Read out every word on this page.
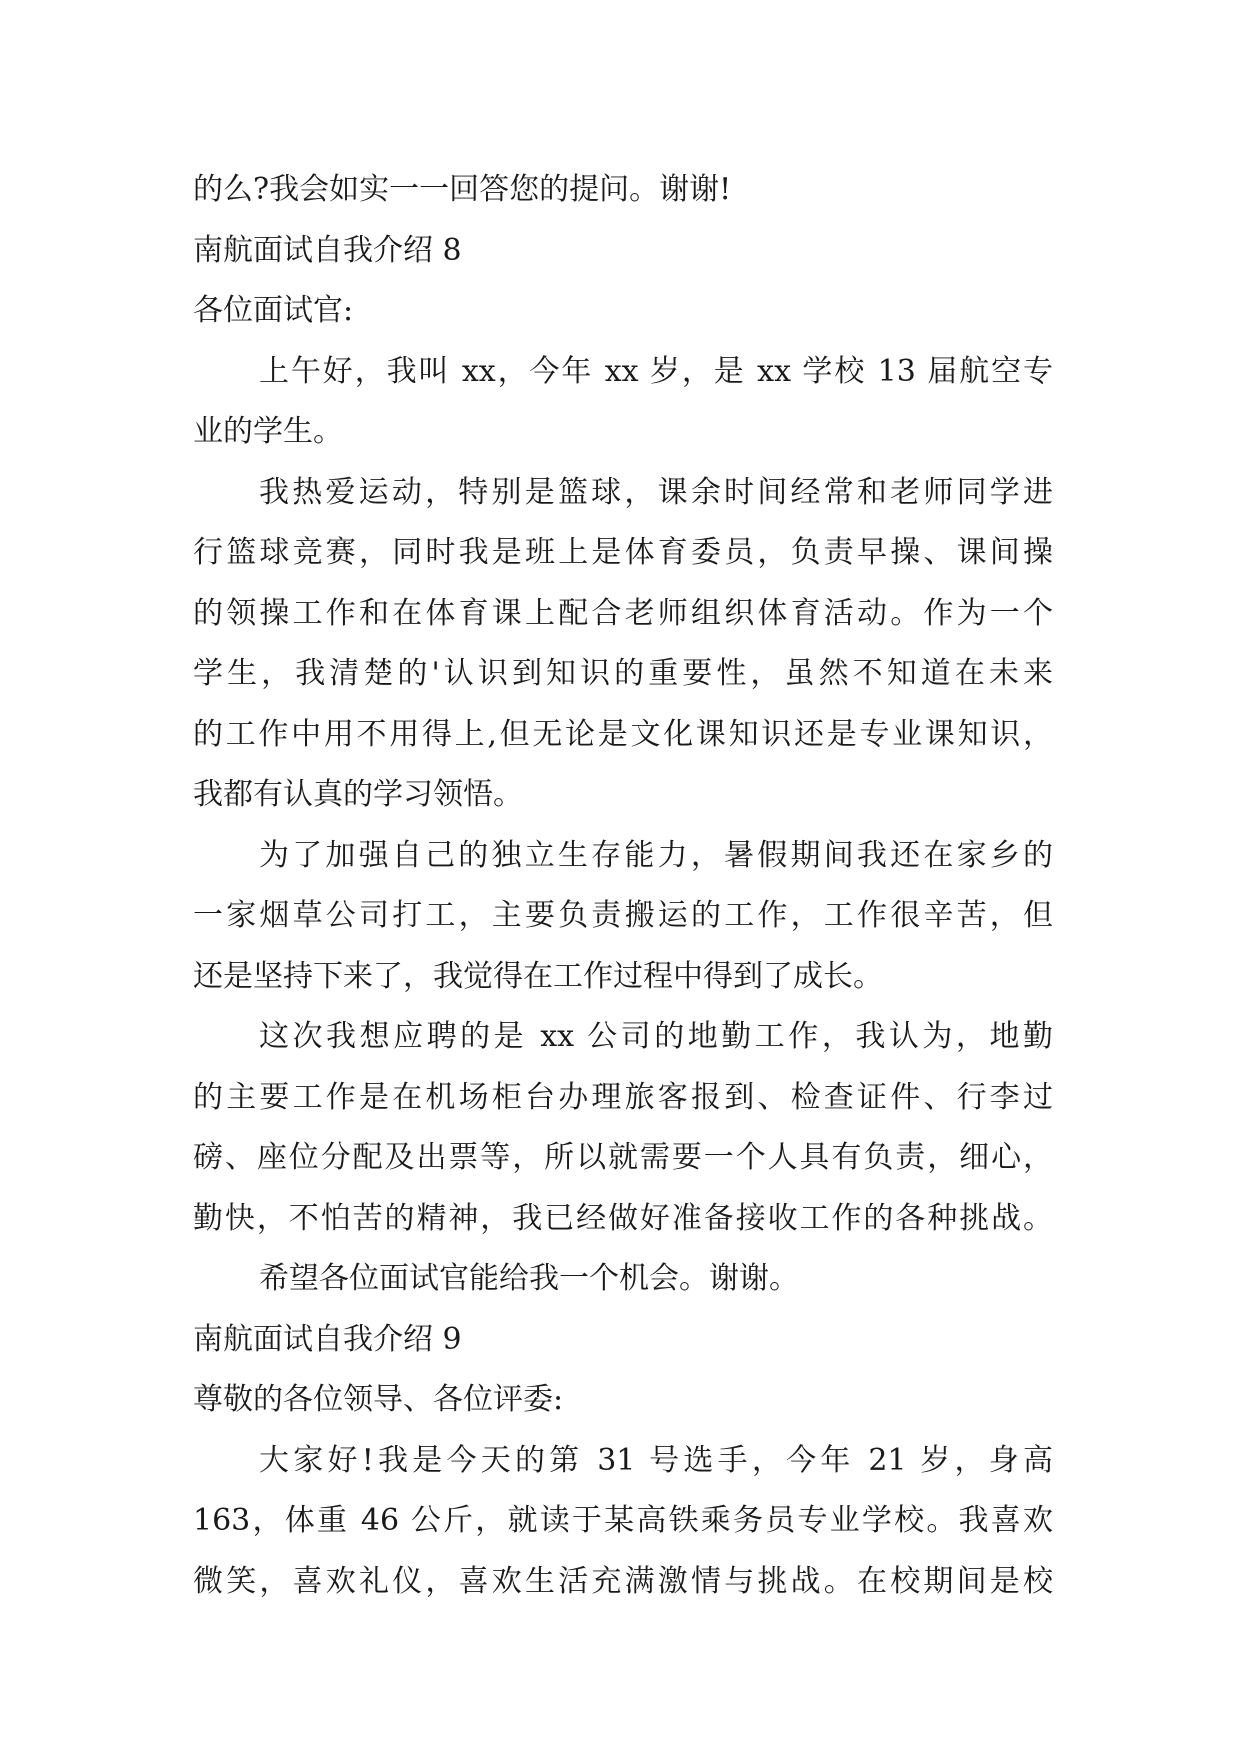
的么?我会如实一一回答您的提问。谢谢!

南航面试自我介绍 8

各位面试官:

上午好，我叫 xx，今年 xx 岁，是 xx 学校 13 届航空专

业的学生。

我热爱运动，特别是篮球，课余时间经常和老师同学进

行篮球竞赛，同时我是班上是体育委员，负责早操、课间操

的领操工作和在体育课上配合老师组织体育活动。作为一个

学生，我清楚的'认识到知识的重要性，虽然不知道在未来

的工作中用不用得上,但无论是文化课知识还是专业课知识，

我都有认真的学习领悟。

为了加强自己的独立生存能力，暑假期间我还在家乡的

一家烟草公司打工，主要负责搬运的工作，工作很辛苦，但

还是坚持下来了，我觉得在工作过程中得到了成长。

这次我想应聘的是 xx 公司的地勤工作，我认为，地勤

的主要工作是在机场柜台办理旅客报到、检查证件、行李过

磅、座位分配及出票等，所以就需要一个人具有负责，细心，

勤快，不怕苦的精神，我已经做好准备接收工作的各种挑战。

希望各位面试官能给我一个机会。谢谢。

南航面试自我介绍 9

尊敬的各位领导、各位评委:

大家好!我是今天的第 31 号选手，今年 21 岁，身高

163，体重 46 公斤，就读于某高铁乘务员专业学校。我喜欢

微笑，喜欢礼仪，喜欢生活充满激情与挑战。在校期间是校
